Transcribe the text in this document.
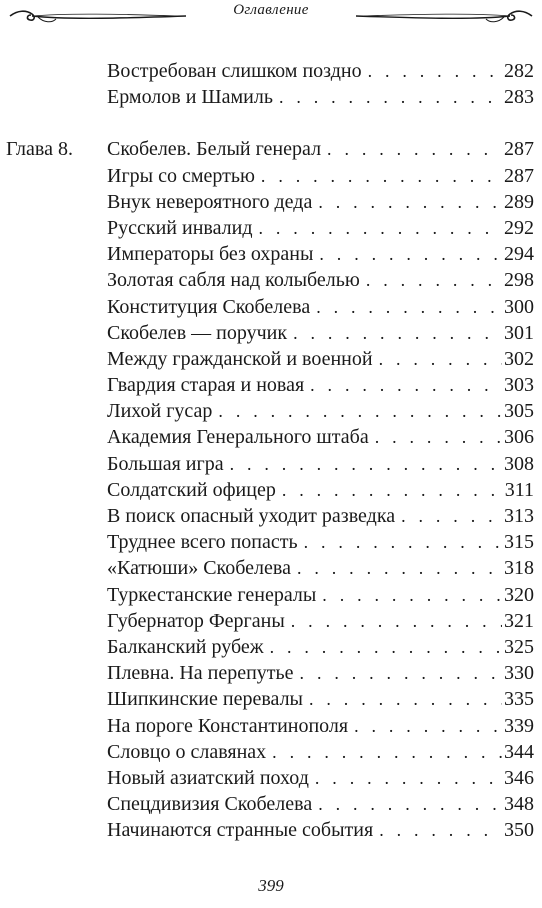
Оглавление
Востребован слишком поздно . . .	282
Ермолов и Шамиль . . .	283
Глава 8. Скобелев. Белый генерал . . .	287
Игры со смертью . . .	287
Внук невероятного деда . . .	289
Русский инвалид . . .	292
Императоры без охраны . . .	294
Золотая сабля над колыбелью . . .	298
Конституция Скобелева . . .	300
Скобелев — поручик . . .	301
Между гражданской и военной . . .	302
Гвардия старая и новая . . .	303
Лихой гусар . . .	305
Академия Генерального штаба . . .	306
Большая игра . . .	308
Солдатский офицер . . .	311
В поиск опасный уходит разведка . . .	313
Труднее всего попасть . . .	315
«Катюши» Скобелева . . .	318
Туркестанские генералы . . .	320
Губернатор Ферганы . . .	321
Балканский рубеж . . .	325
Плевна. На перепутье . . .	330
Шипкинские перевалы . . .	335
На пороге Константинополя . . .	339
Словцо о славянах . . .	344
Новый азиатский поход . . .	346
Спецдивизия Скобелева . . .	348
Начинаются странные события . . .	350
399
